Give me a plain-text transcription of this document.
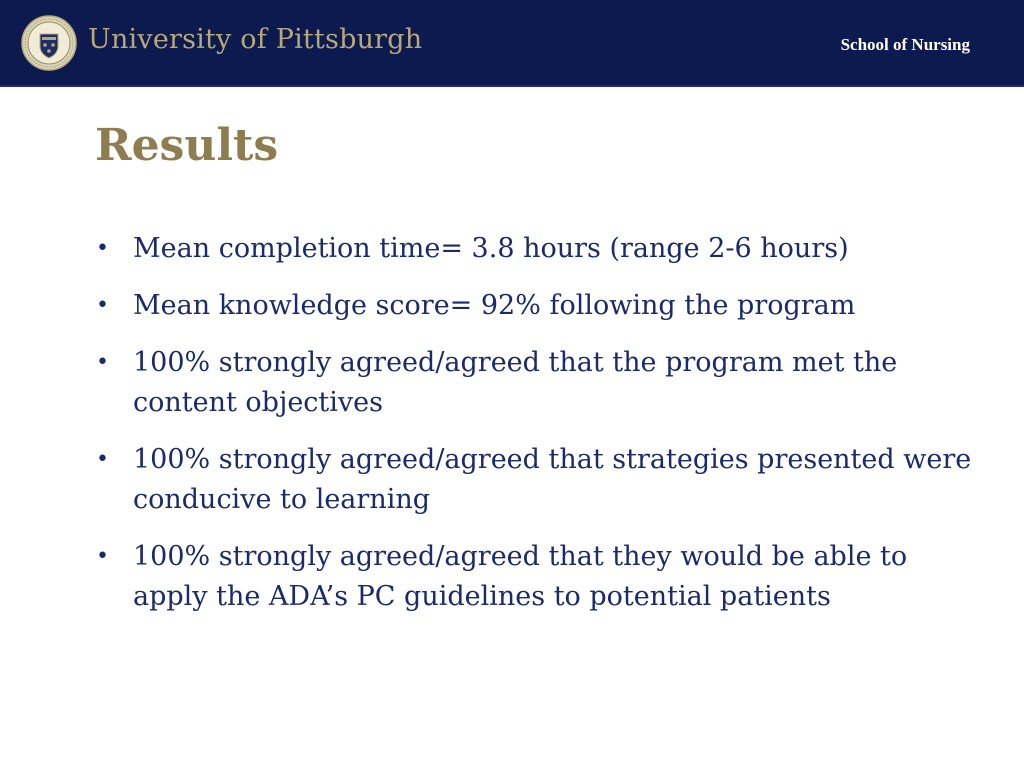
University of Pittsburgh	School of Nursing
Results
• Mean completion time= 3.8 hours (range 2-6 hours)
• Mean knowledge score= 92% following the program
• 100% strongly agreed/agreed that the program met the content objectives
• 100% strongly agreed/agreed that strategies presented were conducive to learning
• 100% strongly agreed/agreed that they would be able to apply the ADA’s PC guidelines to potential patients
